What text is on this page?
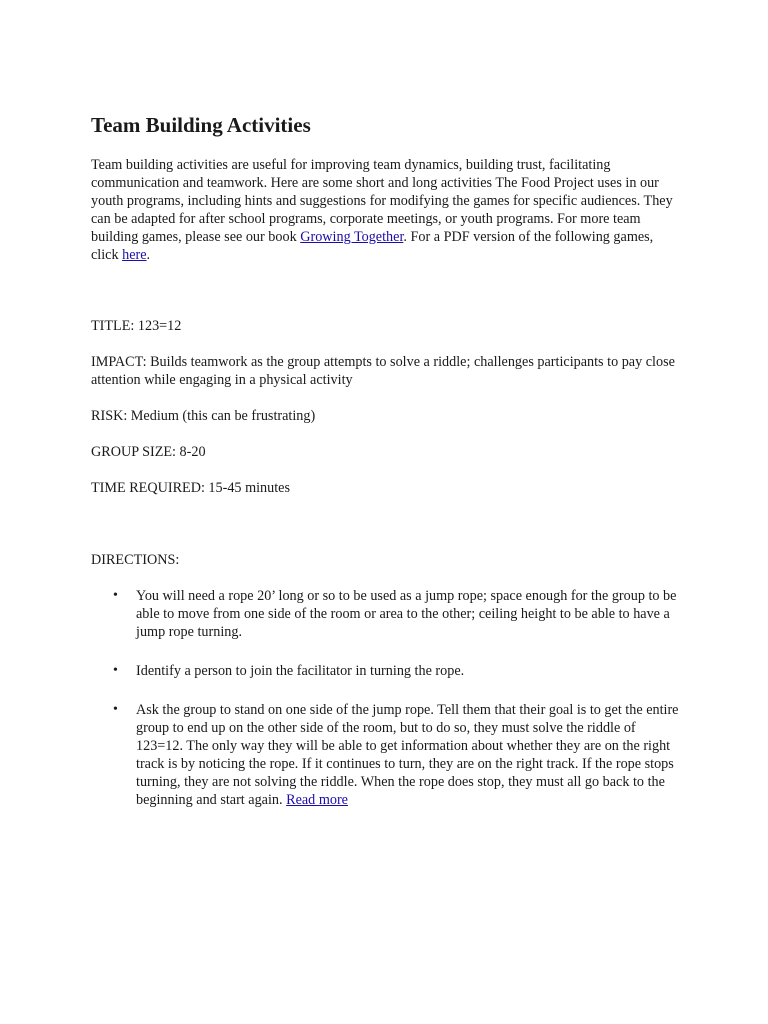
Team Building Activities

Team building activities are useful for improving team dynamics, building trust, facilitating communication and teamwork. Here are some short and long activities The Food Project uses in our youth programs, including hints and suggestions for modifying the games for specific audiences. They can be adapted for after school programs, corporate meetings, or youth programs. For more team building games, please see our book Growing Together. For a PDF version of the following games, click here.

TITLE: 123=12

IMPACT: Builds teamwork as the group attempts to solve a riddle; challenges participants to pay close attention while engaging in a physical activity

RISK: Medium (this can be frustrating)

GROUP SIZE: 8-20

TIME REQUIRED: 15-45 minutes

DIRECTIONS:

• You will need a rope 20’ long or so to be used as a jump rope; space enough for the group to be able to move from one side of the room or area to the other; ceiling height to be able to have a jump rope turning.
• Identify a person to join the facilitator in turning the rope.
• Ask the group to stand on one side of the jump rope. Tell them that their goal is to get the entire group to end up on the other side of the room, but to do so, they must solve the riddle of 123=12. The only way they will be able to get information about whether they are on the right track is by noticing the rope. If it continues to turn, they are on the right track. If the rope stops turning, they are not solving the riddle. When the rope does stop, they must all go back to the beginning and start again. Read more
